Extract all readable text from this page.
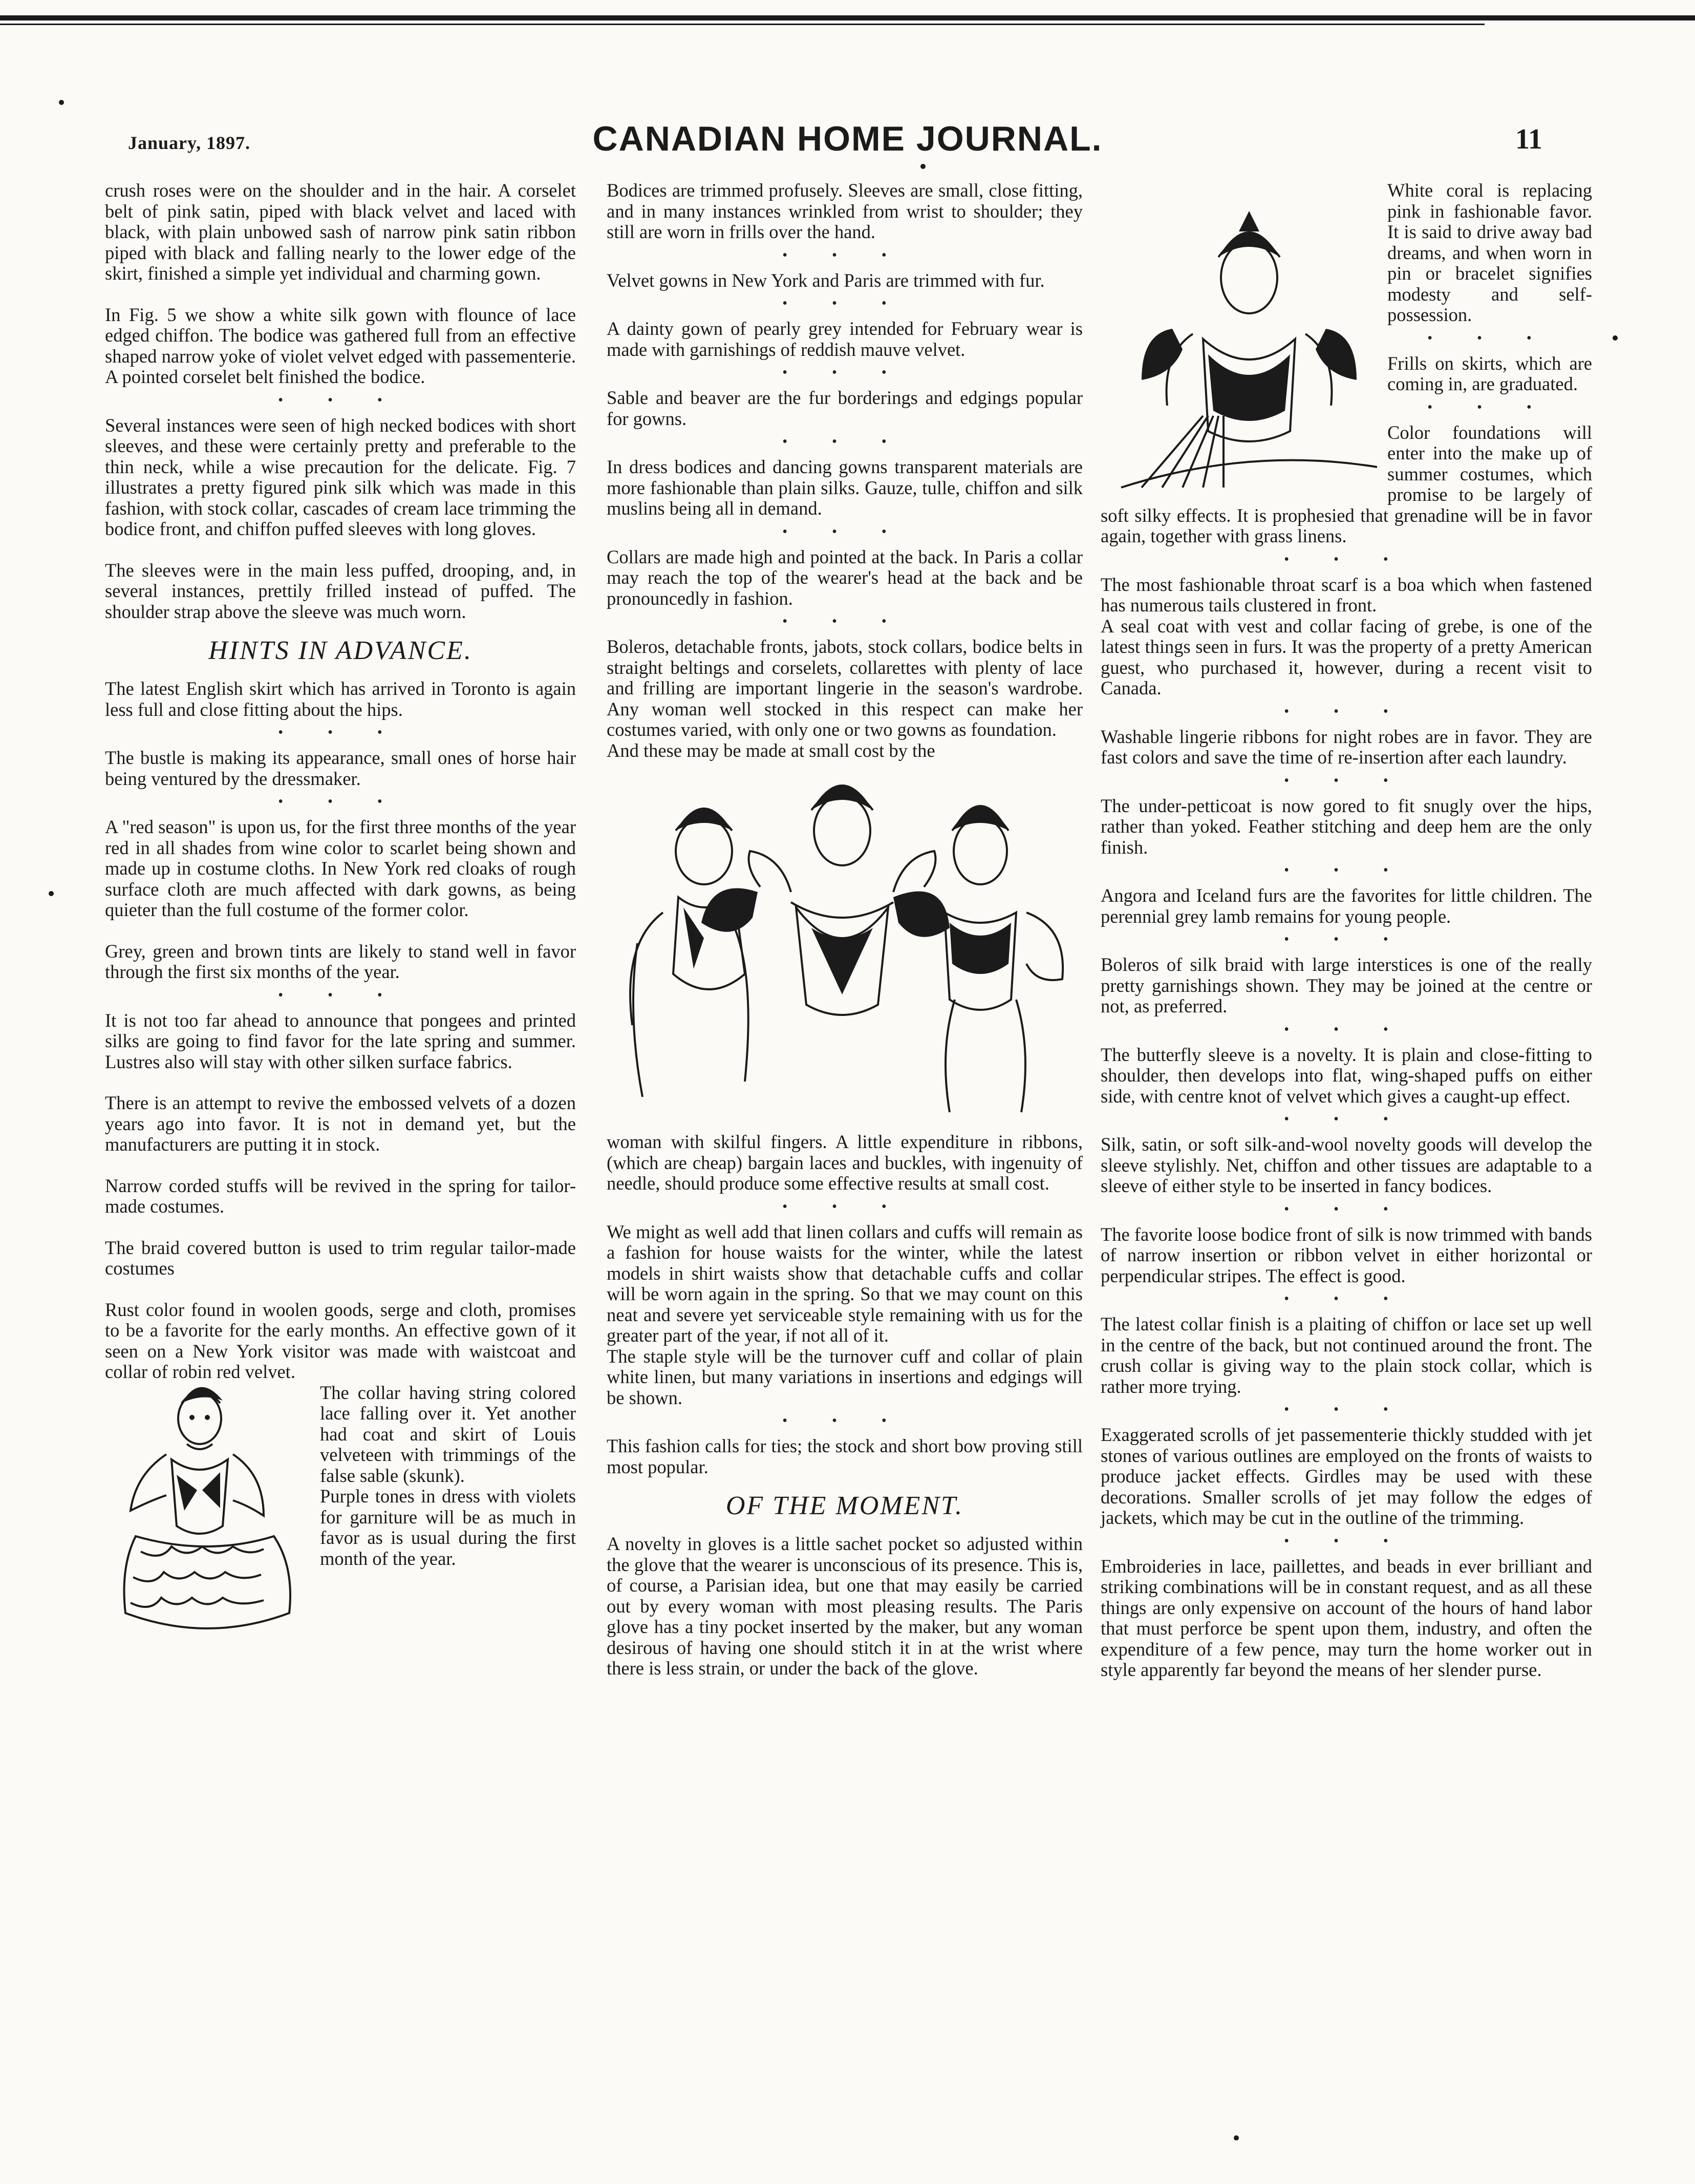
January, 1897.	CANADIAN HOME JOURNAL.	11

crush roses were on the shoulder and in the hair. A corselet belt of pink satin, piped with black velvet and laced with black, with plain unbowed sash of narrow pink satin ribbon piped with black and falling nearly to the lower edge of the skirt, finished a simple yet individual and charming gown.

In Fig. 5 we show a white silk gown with flounce of lace edged chiffon. The bodice was gathered full from an effective shaped narrow yoke of violet velvet edged with passementerie. A pointed corselet belt finished the bodice.

• • •

Several instances were seen of high necked bodices with short sleeves, and these were certainly pretty and preferable to the thin neck, while a wise precaution for the delicate. Fig. 7 illustrates a pretty figured pink silk which was made in this fashion, with stock collar, cascades of cream lace trimming the bodice front, and chiffon puffed sleeves with long gloves.

The sleeves were in the main less puffed, drooping, and, in several instances, prettily frilled instead of puffed. The shoulder strap above the sleeve was much worn.

HINTS IN ADVANCE.

The latest English skirt which has arrived in Toronto is again less full and close fitting about the hips.

• • •

The bustle is making its appearance, small ones of horse hair being ventured by the dressmaker.

• • •

A "red season" is upon us, for the first three months of the year red in all shades from wine color to scarlet being shown and made up in costume cloths. In New York red cloaks of rough surface cloth are much affected with dark gowns, as being quieter than the full costume of the former color.

Grey, green and brown tints are likely to stand well in favor through the first six months of the year.

• • •

It is not too far ahead to announce that pongees and printed silks are going to find favor for the late spring and summer. Lustres also will stay with other silken surface fabrics.

There is an attempt to revive the embossed velvets of a dozen years ago into favor. It is not in demand yet, but the manufacturers are putting it in stock.

Narrow corded stuffs will be revived in the spring for tailor-made costumes.

The braid covered button is used to trim regular tailor-made costumes

Rust color found in woolen goods, serge and cloth, promises to be a favorite for the early months. An effective gown of it seen on a New York visitor was made with waistcoat and collar of robin red velvet.

The collar having string colored lace falling over it. Yet another had coat and skirt of Louis velveteen with trimmings of the false sable (skunk).

Purple tones in dress with violets for garniture will be as much in favor as is usual during the first month of the year.

Bodices are trimmed profusely. Sleeves are small, close fitting, and in many instances wrinkled from wrist to shoulder; they still are worn in frills over the hand.

• • •

Velvet gowns in New York and Paris are trimmed with fur.

• • •

A dainty gown of pearly grey intended for February wear is made with garnishings of reddish mauve velvet.

• • •

Sable and beaver are the fur borderings and edgings popular for gowns.

• • •

In dress bodices and dancing gowns transparent materials are more fashionable than plain silks. Gauze, tulle, chiffon and silk muslins being all in demand.

• • •

Collars are made high and pointed at the back. In Paris a collar may reach the top of the wearer's head at the back and be pronouncedly in fashion.

• • •

Boleros, detachable fronts, jabots, stock collars, bodice belts in straight beltings and corselets, collarettes with plenty of lace and frilling are important lingerie in the season's wardrobe. Any woman well stocked in this respect can make her costumes varied, with only one or two gowns as foundation.

And these may be made at small cost by the

woman with skilful fingers. A little expenditure in ribbons, (which are cheap) bargain laces and buckles, with ingenuity of needle, should produce some effective results at small cost.

• • •

We might as well add that linen collars and cuffs will remain as a fashion for house waists for the winter, while the latest models in shirt waists show that detachable cuffs and collar will be worn again in the spring. So that we may count on this neat and severe yet serviceable style remaining with us for the greater part of the year, if not all of it.

The staple style will be the turnover cuff and collar of plain white linen, but many variations in insertions and edgings will be shown.

• • •

This fashion calls for ties; the stock and short bow proving still most popular.

OF THE MOMENT.

A novelty in gloves is a little sachet pocket so adjusted within the glove that the wearer is unconscious of its presence. This is, of course, a Parisian idea, but one that may easily be carried out by every woman with most pleasing results. The Paris glove has a tiny pocket inserted by the maker, but any woman desirous of having one should stitch it in at the wrist where there is less strain, or under the back of the glove.

White coral is replacing pink in fashionable favor. It is said to drive away bad dreams, and when worn in pin or bracelet signifies modesty and self-possession.

• • •

Frills on skirts, which are coming in, are graduated.

• • •

Color foundations will enter into the make up of summer costumes, which promise to be largely of soft silky effects. It is prophesied that grenadine will be in favor again, together with grass linens.

• • •

The most fashionable throat scarf is a boa which when fastened has numerous tails clustered in front.

A seal coat with vest and collar facing of grebe, is one of the latest things seen in furs. It was the property of a pretty American guest, who purchased it, however, during a recent visit to Canada.

• • •

Washable lingerie ribbons for night robes are in favor. They are fast colors and save the time of re-insertion after each laundry.

• • •

The under-petticoat is now gored to fit snugly over the hips, rather than yoked. Feather stitching and deep hem are the only finish.

• • •

Angora and Iceland furs are the favorites for little children. The perennial grey lamb remains for young people.

• • •

Boleros of silk braid with large interstices is one of the really pretty garnishings shown. They may be joined at the centre or not, as preferred.

• • •

The butterfly sleeve is a novelty. It is plain and close-fitting to shoulder, then develops into flat, wing-shaped puffs on either side, with centre knot of velvet which gives a caught-up effect.

• • •

Silk, satin, or soft silk-and-wool novelty goods will develop the sleeve stylishly. Net, chiffon and other tissues are adaptable to a sleeve of either style to be inserted in fancy bodices.

• • •

The favorite loose bodice front of silk is now trimmed with bands of narrow insertion or ribbon velvet in either horizontal or perpendicular stripes. The effect is good.

• • •

The latest collar finish is a plaiting of chiffon or lace set up well in the centre of the back, but not continued around the front. The crush collar is giving way to the plain stock collar, which is rather more trying.

• • •

Exaggerated scrolls of jet passementerie thickly studded with jet stones of various outlines are employed on the fronts of waists to produce jacket effects. Girdles may be used with these decorations. Smaller scrolls of jet may follow the edges of jackets, which may be cut in the outline of the trimming.

• • •

Embroideries in lace, paillettes, and beads in ever brilliant and striking combinations will be in constant request, and as all these things are only expensive on account of the hours of hand labor that must perforce be spent upon them, industry, and often the expenditure of a few pence, may turn the home worker out in style apparently far beyond the means of her slender purse.
